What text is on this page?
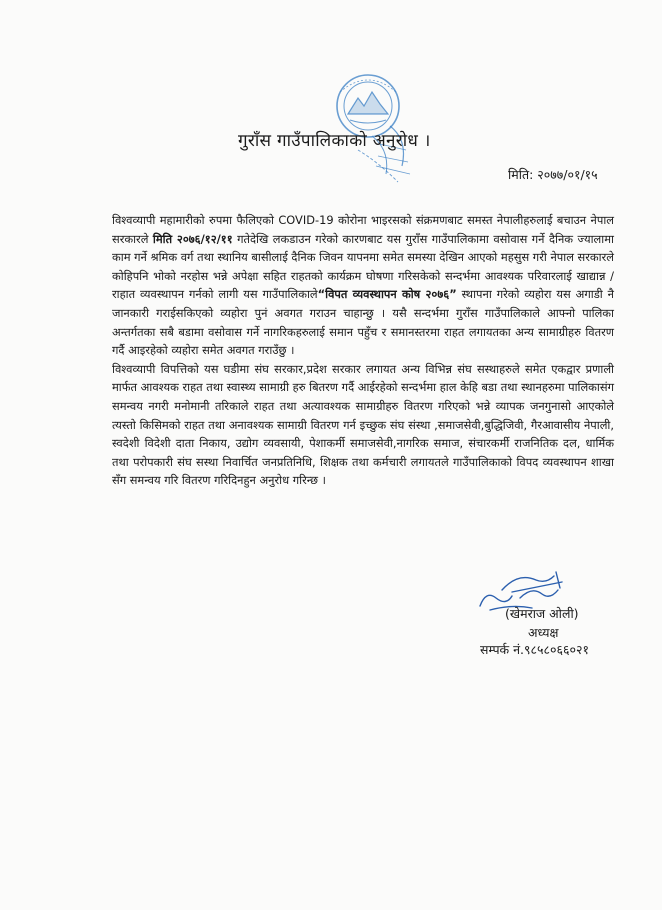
गुराँस गाउँपालिकाको अनुरोध ।
मिति: २०७७/०१/१५

विश्वव्यापी महामारीको रुपमा फैलिएको COVID-19 कोरोना भाइरसको संक्रमणबाट समस्त नेपालीहरुलाई बचाउन नेपाल सरकारले मिति २०७६/१२/११ गतेदेखि लकडाउन गरेको कारणबाट यस गुराँस गाउँपालिकामा वसोवास गर्ने दैनिक ज्यालामा काम गर्ने श्रमिक वर्ग तथा स्थानिय बासीलाई दैनिक जिवन यापनमा समेत समस्या देखिन आएको महसुस गरी नेपाल सरकारले कोहिपनि भोको नरहोस भन्ने अपेक्षा सहित राहतको कार्यक्रम घोषणा गरिसकेको सन्दर्भमा आवश्यक परिवारलाई खाद्यान्न /राहात व्यवस्थापन गर्नको लागी यस गाउँपालिकाले“विपत व्यवस्थापन कोष २०७६” स्थापना गरेको व्यहोरा यस अगाडी नै जानकारी गराईसकिएको व्यहोरा पुनं अवगत गराउन चाहान्छु । यसै सन्दर्भमा गुराँस गाउँपालिकाले आफ्नो पालिका अन्तर्गतका सबै बडामा वसोवास गर्ने नागरिकहरुलाई समान पहुँच र समानस्तरमा राहत लगायतका अन्य सामाग्रीहरु वितरण गर्दै आइरहेको व्यहोरा समेत अवगत गराउँछु ।

विश्वव्यापी विपत्तिको यस घडीमा संघ सरकार,प्रदेश सरकार लगायत अन्य विभिन्न संघ सस्थाहरुले समेत एकद्वार प्रणाली मार्फत आवश्यक राहत तथा स्वास्थ्य सामाग्री हरु बितरण गर्दै आईरहेको सन्दर्भमा हाल केहि बडा तथा स्थानहरुमा पालिकासंग समन्वय नगरी मनोमानी तरिकाले राहत तथा अत्यावश्यक सामाग्रीहरु वितरण गरिएको भन्ने व्यापक जनगुनासो आएकोले त्यस्तो किसिमको राहत तथा अनावश्यक सामाग्री वितरण गर्न इच्छुक संघ संस्था ,समाजसेवी,बुद्धिजिवी, गैरआवासीय नेपाली, स्वदेशी विदेशी दाता निकाय, उद्योग व्यवसायी, पेशाकर्मी समाजसेवी,नागरिक समाज, संचारकर्मी राजनितिक दल, धार्मिक तथा परोपकारी संघ सस्था निवार्चित जनप्रतिनिधि, शिक्षक तथा कर्मचारी लगायतले गाउँपालिकाको विपद व्यवस्थापन शाखा सँग समन्वय गरि वितरण गरिदिनहुन अनुरोध गरिन्छ ।

(खेमराज ओली)
अध्यक्ष
सम्पर्क नं.९८५८०६६०२१
